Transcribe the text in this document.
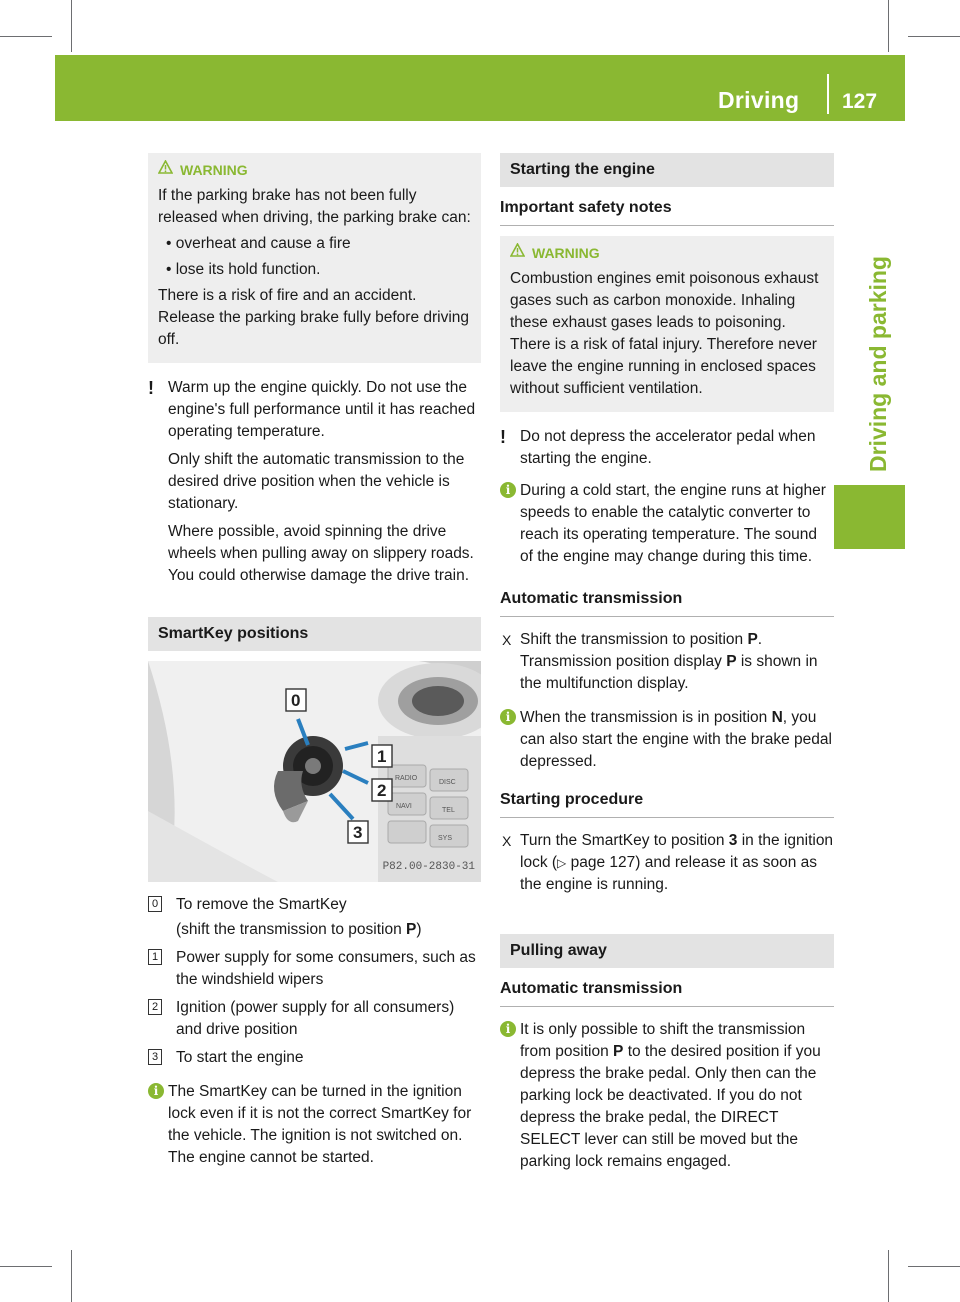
Driving 127
Driving and parking
WARNING

If the parking brake has not been fully released when driving, the parking brake can:

• overheat and cause a fire
• lose its hold function.

There is a risk of fire and an accident. Release the parking brake fully before driving off.

! Warm up the engine quickly. Do not use the engine's full performance until it has reached operating temperature.

Only shift the automatic transmission to the desired drive position when the vehicle is stationary.

Where possible, avoid spinning the drive wheels when pulling away on slippery roads. You could otherwise damage the drive train.

SmartKey positions
RADIO
DISC
NAVI
TEL
SYS
0
1
2
3
P82.00-2830-31
0 To remove the SmartKey
(shift the transmission to position P)
1 Power supply for some consumers, such as the windshield wipers
2 Ignition (power supply for all consumers) and drive position
3 To start the engine
i The SmartKey can be turned in the ignition lock even if it is not the correct SmartKey for the vehicle. The ignition is not switched on. The engine cannot be started.

Starting the engine
Important safety notes
WARNING

Combustion engines emit poisonous exhaust gases such as carbon monoxide. Inhaling these exhaust gases leads to poisoning. There is a risk of fatal injury. Therefore never leave the engine running in enclosed spaces without sufficient ventilation.

! Do not depress the accelerator pedal when starting the engine.

i During a cold start, the engine runs at higher speeds to enable the catalytic converter to reach its operating temperature. The sound of the engine may change during this time.

Automatic transmission
X Shift the transmission to position P. Transmission position display P is shown in the multifunction display.

i When the transmission is in position N, you can also start the engine with the brake pedal depressed.

Starting procedure
X Turn the SmartKey to position 3 in the ignition lock (▷ page 127) and release it as soon as the engine is running.

Pulling away
Automatic transmission
i It is only possible to shift the transmission from position P to the desired position if you depress the brake pedal. Only then can the parking lock be deactivated. If you do not depress the brake pedal, the DIRECT SELECT lever can still be moved but the parking lock remains engaged.
